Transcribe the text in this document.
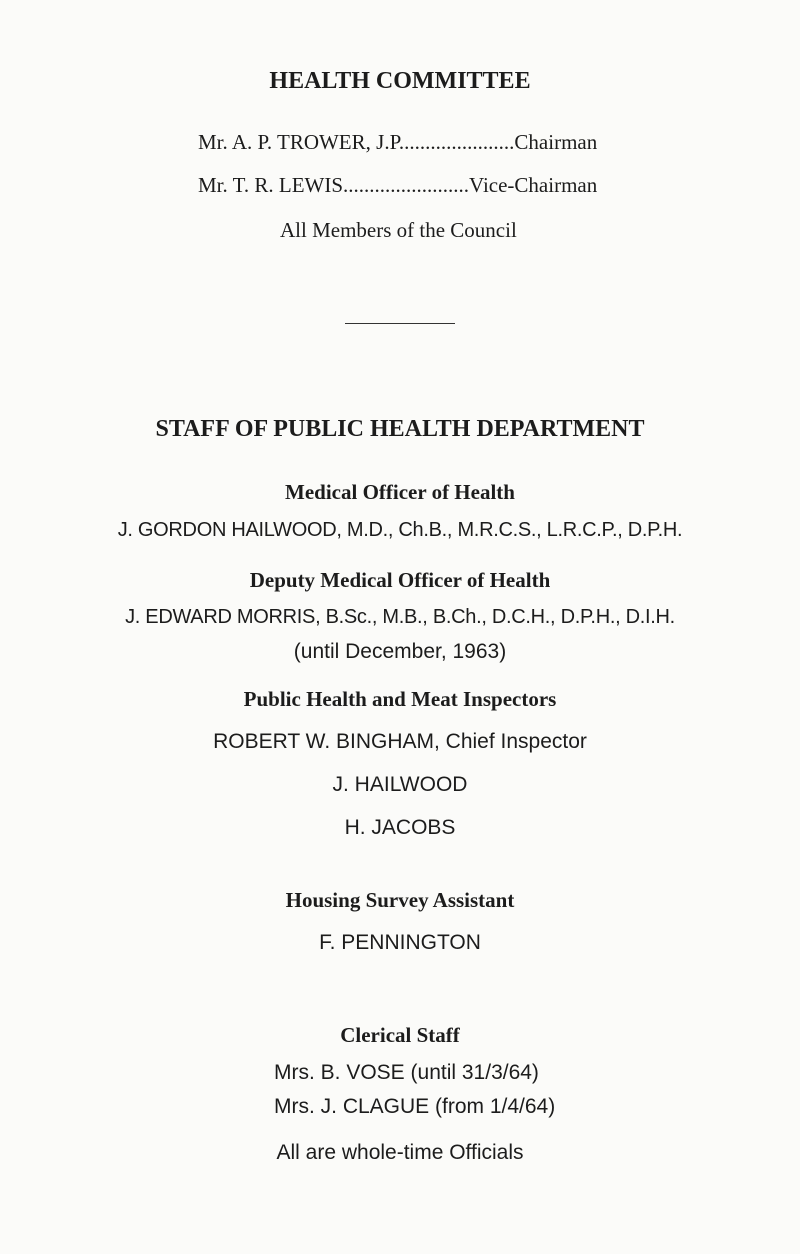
HEALTH COMMITTEE
Mr. A. P. TROWER, J.P......................Chairman
Mr. T. R. LEWIS........................Vice-Chairman
All Members of the Council
STAFF OF PUBLIC HEALTH DEPARTMENT
Medical Officer of Health
J. GORDON HAILWOOD, M.D., Ch.B., M.R.C.S., L.R.C.P., D.P.H.
Deputy Medical Officer of Health
J. EDWARD MORRIS, B.Sc., M.B., B.Ch., D.C.H., D.P.H., D.I.H.
(until December, 1963)
Public Health and Meat Inspectors
ROBERT W. BINGHAM, Chief Inspector
J. HAILWOOD
H. JACOBS
Housing Survey Assistant
F. PENNINGTON
Clerical Staff
Mrs. B. VOSE (until 31/3/64)
Mrs. J. CLAGUE (from 1/4/64)
All are whole-time Officials
